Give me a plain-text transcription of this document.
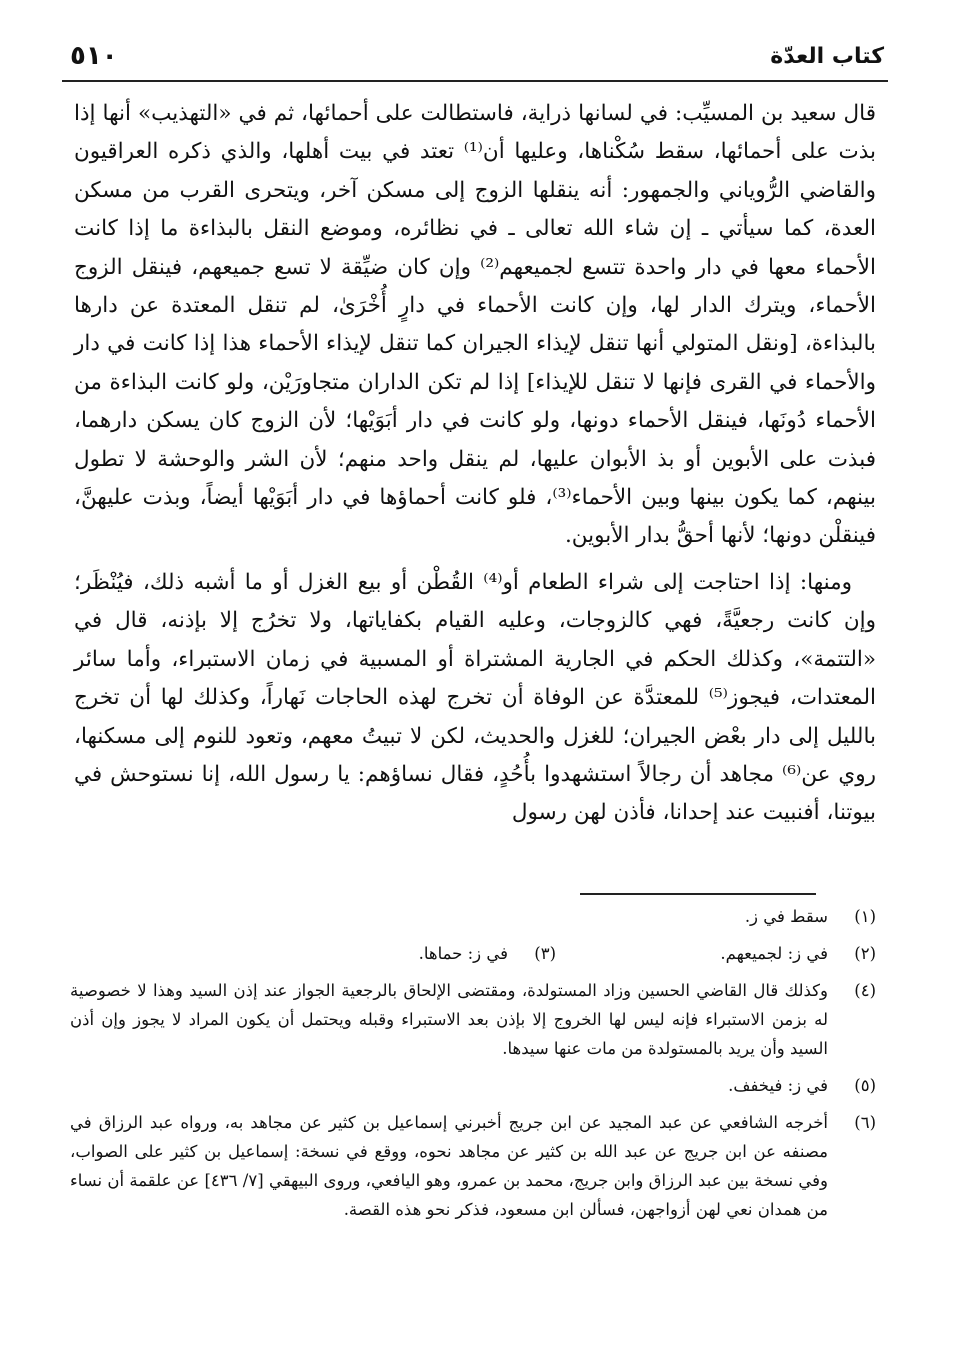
كتاب العدّة
٥١٠

قال سعيد بن المسيِّب: في لسانها ذراية، فاستطالت على أحمائها، ثم في «التهذيب» أنها إذا بذت على أحمائها، سقط سُكْناها، وعليها أن⁽¹⁾ تعتد في بيت أهلها، والذي ذكره العراقيون والقاضي الرُّوياني والجمهور: أنه ينقلها الزوج إلى مسكن آخر، ويتحرى القرب من مسكن العدة، كما سيأتي ـ إن شاء الله تعالى ـ في نظائره، وموضع النقل بالبذاءة ما إذا كانت الأحماء معها في دار واحدة تتسع لجميعهم⁽²⁾ وإن كان ضيِّقة لا تسع جميعهم، فينقل الزوج الأحماء، ويترك الدار لها، وإن كانت الأحماء في دارٍ أُخْرَىٰ، لم تنقل المعتدة عن دارها بالبذاءة، [ونقل المتولي أنها تنقل لإيذاء الجيران كما تنقل لإيذاء الأحماء هذا إذا كانت في دار والأحماء في القرى فإنها لا تنقل للإيذاء] إذا لم تكن الداران متجاورَيْن، ولو كانت البذاءة من الأحماء دُونَها، فينقل الأحماء دونها، ولو كانت في دار أبَوَيْها؛ لأن الزوج كان يسكن دارهما، فبذت على الأبوين أو بذ الأبوان عليها، لم ينقل واحد منهم؛ لأن الشر والوحشة لا تطول بينهم، كما يكون بينها وبين الأحماء⁽³⁾، فلو كانت أحماؤها في دار أبَوَيْها أيضاً، وبذت عليهنَّ، فينقلْن دونها؛ لأنها أحقُّ بدار الأبوين.

ومنها: إذا احتاجت إلى شراء الطعام أو⁽⁴⁾ القُطْن أو بيع الغزل أو ما أشبه ذلك، فيُنْظَر؛ وإن كانت رجعيَّةً، فهي كالزوجات، وعليه القيام بكفاياتها، ولا تخرُج إلا بإذنه، قال في «التتمة»، وكذلك الحكم في الجارية المشتراة أو المسبية في زمان الاستبراء، وأما سائر المعتدات، فيجوز⁽⁵⁾ للمعتدَّة عن الوفاة أن تخرج لهذه الحاجات نَهاراً، وكذلك لها أن تخرج بالليل إلى دار بعْض الجيران؛ للغزل والحديث، لكن لا تبيتُ معهم، وتعود للنوم إلى مسكنها، روي عن⁽⁶⁾ مجاهد أن رجالاً استشهدوا بأُحُدٍ، فقال نساؤهم: يا رسول الله، إنا نستوحش في بيوتنا، أفنبيت عند إحدانا، فأذن لهن رسول

(١)
سقط في ز.
(٢)
في ز: لجميعهم.
(٣)
في ز: حماها.
(٤)
وكذلك قال القاضي الحسين وزاد المستولدة، ومقتضى الإلحاق بالرجعية الجواز عند إذن السيد وهذا لا خصوصية له بزمن الاستبراء فإنه ليس لها الخروج إلا بإذن بعد الاستبراء وقبله ويحتمل أن يكون المراد لا يجوز وإن أذن السيد وأن يريد بالمستولدة من مات عنها سيدها.
(٥)
في ز: فيخفف.
(٦)
أخرجه الشافعي عن عبد المجيد عن ابن جريج أخبرني إسماعيل بن كثير عن مجاهد به، ورواه عبد الرزاق في مصنفه عن ابن جريج عن عبد الله بن كثير عن مجاهد نحوه، ووقع في نسخة: إسماعيل بن كثير على الصواب، وفي نسخة بين عبد الرزاق وابن جريج، محمد بن عمرو، وهو اليافعي، وروى البيهقي [٧/ ٤٣٦] عن علقمة أن نساء من همدان نعي لهن أزواجهن، فسألن ابن مسعود، فذكر نحو هذه القصة.
